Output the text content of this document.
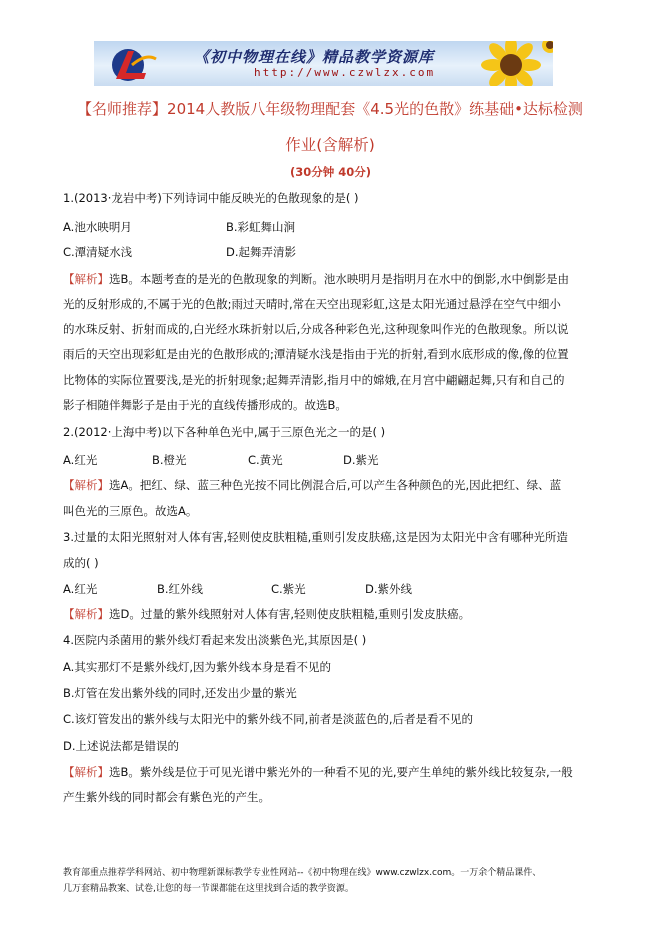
《初中物理在线》精品教学资源库
http://www.czwlzx.com
【名师推荐】2014人教版八年级物理配套《4.5光的色散》练基础•达标检测
作业(含解析)
(30分钟 40分)
1.(2013·龙岩中考)下列诗词中能反映光的色散现象的是( )
A.池水映明月	B.彩虹舞山涧
C.潭清疑水浅	D.起舞弄清影
【解析】选B。本题考查的是光的色散现象的判断。池水映明月是指明月在水中的倒影,水中倒影是由
光的反射形成的,不属于光的色散;雨过天晴时,常在天空出现彩虹,这是太阳光通过悬浮在空气中细小
的水珠反射、折射而成的,白光经水珠折射以后,分成各种彩色光,这种现象叫作光的色散现象。所以说
雨后的天空出现彩虹是由光的色散形成的;潭清疑水浅是指由于光的折射,看到水底形成的像,像的位置
比物体的实际位置要浅,是光的折射现象;起舞弄清影,指月中的嫦娥,在月宫中翩翩起舞,只有和自己的
影子相随伴舞影子是由于光的直线传播形成的。故选B。
2.(2012·上海中考)以下各种单色光中,属于三原色光之一的是( )
A.红光	B.橙光	C.黄光	D.紫光
【解析】选A。把红、绿、蓝三种色光按不同比例混合后,可以产生各种颜色的光,因此把红、绿、蓝
叫色光的三原色。故选A。
3.过量的太阳光照射对人体有害,轻则使皮肤粗糙,重则引发皮肤癌,这是因为太阳光中含有哪种光所造
成的( )
A.红光	B.红外线	C.紫光	D.紫外线
【解析】选D。过量的紫外线照射对人体有害,轻则使皮肤粗糙,重则引发皮肤癌。
4.医院内杀菌用的紫外线灯看起来发出淡紫色光,其原因是( )
A.其实那灯不是紫外线灯,因为紫外线本身是看不见的
B.灯管在发出紫外线的同时,还发出少量的紫光
C.该灯管发出的紫外线与太阳光中的紫外线不同,前者是淡蓝色的,后者是看不见的
D.上述说法都是错误的
【解析】选B。紫外线是位于可见光谱中紫光外的一种看不见的光,要产生单纯的紫外线比较复杂,一般
产生紫外线的同时都会有紫色光的产生。
教育部重点推荐学科网站、初中物理新课标教学专业性网站--《初中物理在线》www.czwlzx.com。一万余个精品课件、
几万套精品教案、试卷,让您的每一节课都能在这里找到合适的教学资源。
